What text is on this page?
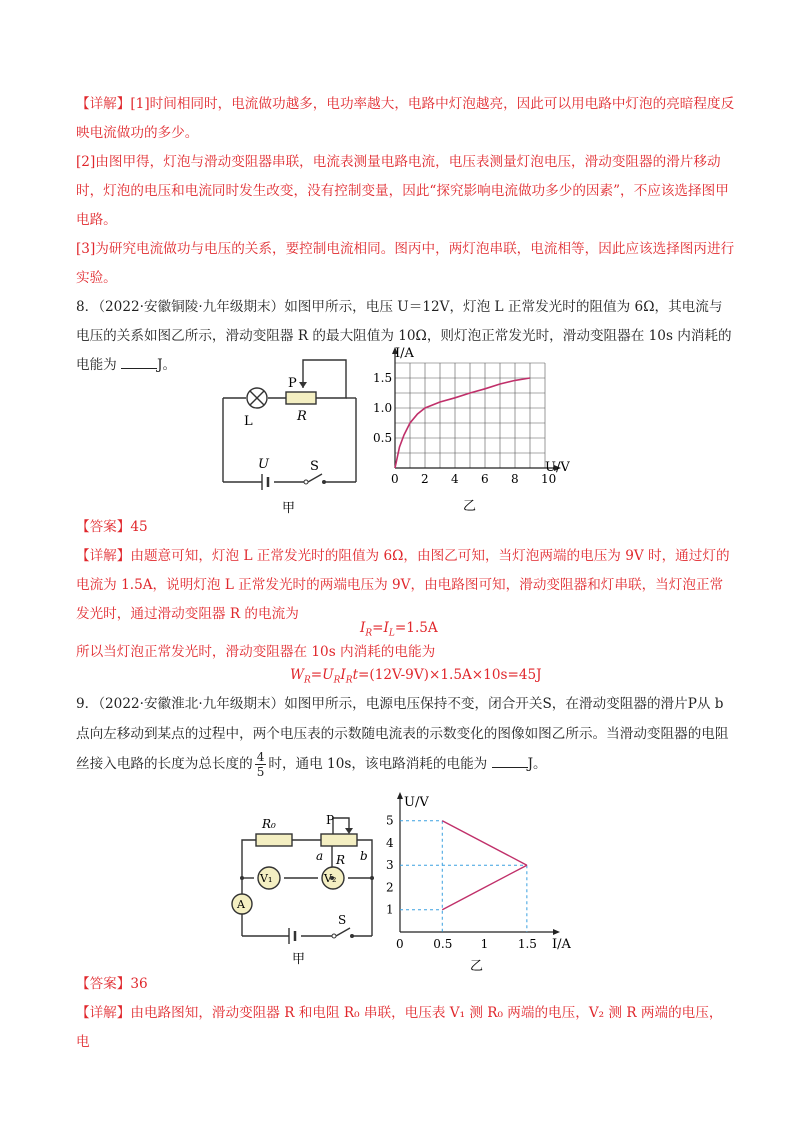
【详解】[1]时间相同时，电流做功越多，电功率越大，电路中灯泡越亮，因此可以用电路中灯泡的亮暗程度反映电流做功的多少。

[2]由图甲得，灯泡与滑动变阻器串联，电流表测量电路电流，电压表测量灯泡电压，滑动变阻器的滑片移动时，灯泡的电压和电流同时发生改变，没有控制变量，因此“探究影响电流做功多少的因素”，不应该选择图甲电路。

[3]为研究电流做功与电压的关系，要控制电流相同。图丙中，两灯泡串联，电流相等，因此应该选择图丙进行实验。

8．（2022·安徽铜陵·九年级期末）如图甲所示，电压 U＝12V，灯泡 L 正常发光时的阻值为 6Ω，其电流与电压的关系如图乙所示，滑动变阻器 R 的最大阻值为 10Ω，则灯泡正常发光时，滑动变阻器在 10s 内消耗的电能为	J。

L
P
R
U	S
甲
0 2 4 6 8 10
0.5
1.0
1.5
I/A
U/V
乙

【答案】45

【详解】由题意可知，灯泡 L 正常发光时的阻值为 6Ω，由图乙可知，当灯泡两端的电压为 9V 时，通过灯的电流为 1.5A，说明灯泡 L 正常发光时的两端电压为 9V，由电路图可知，滑动变阻器和灯串联，当灯泡正常发光时，通过滑动变阻器 R 的电流为

$I_R=I_L=1.5A$

所以当灯泡正常发光时，滑动变阻器在 10s 内消耗的电能为

$W_R=U_RI_Rt=(12V-9V)\times 1.5A\times 10s=45J$

9．（2022·安徽淮北·九年级期末）如图甲所示，电源电压保持不变，闭合开关S，在滑动变阻器的滑片P从 b 点向左移动到某点的过程中，两个电压表的示数随电流表的示数变化的图像如图乙所示。当滑动变阻器的电阻丝接入电路的长度为总长度的 $\frac{4}{5}$ 时，通电 10s，该电路消耗的电能为	J。

R₀	P
R
a	b
V₁	V₂
A
S
甲
0 0.5 1 1.5
1
2
3
4
5
U/V
I/A
乙

【答案】36

【详解】由电路图知，滑动变阻器 R 和电阻 R₀ 串联，电压表 V₁ 测 R₀ 两端的电压，V₂ 测 R 两端的电压，电
